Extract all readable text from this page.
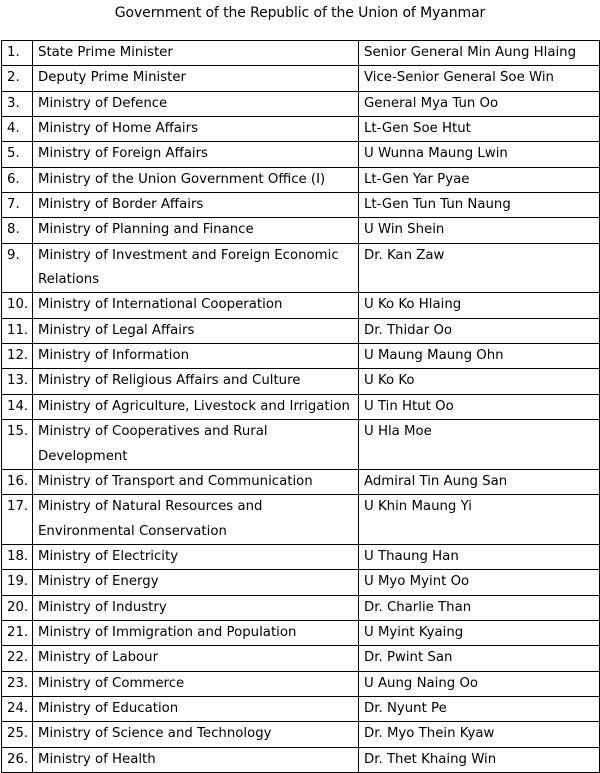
Government of the Republic of the Union of Myanmar
1.	State Prime Minister	Senior General Min Aung Hlaing
2.	Deputy Prime Minister	Vice-Senior General Soe Win
3.	Ministry of Defence	General Mya Tun Oo
4.	Ministry of Home Affairs	Lt-Gen Soe Htut
5.	Ministry of Foreign Affairs	U Wunna Maung Lwin
6.	Ministry of the Union Government Office (I)	Lt-Gen Yar Pyae
7.	Ministry of Border Affairs	Lt-Gen Tun Tun Naung
8.	Ministry of Planning and Finance	U Win Shein
9.	Ministry of Investment and Foreign Economic Relations	Dr. Kan Zaw
10.	Ministry of International Cooperation	U Ko Ko Hlaing
11.	Ministry of Legal Affairs	Dr. Thidar Oo
12.	Ministry of Information	U Maung Maung Ohn
13.	Ministry of Religious Affairs and Culture	U Ko Ko
14.	Ministry of Agriculture, Livestock and Irrigation	U Tin Htut Oo
15.	Ministry of Cooperatives and Rural Development	U Hla Moe
16.	Ministry of Transport and Communication	Admiral Tin Aung San
17.	Ministry of Natural Resources and Environmental Conservation	U Khin Maung Yi
18.	Ministry of Electricity	U Thaung Han
19.	Ministry of Energy	U Myo Myint Oo
20.	Ministry of Industry	Dr. Charlie Than
21.	Ministry of Immigration and Population	U Myint Kyaing
22.	Ministry of Labour	Dr. Pwint San
23.	Ministry of Commerce	U Aung Naing Oo
24.	Ministry of Education	Dr. Nyunt Pe
25.	Ministry of Science and Technology	Dr. Myo Thein Kyaw
26.	Ministry of Health	Dr. Thet Khaing Win
